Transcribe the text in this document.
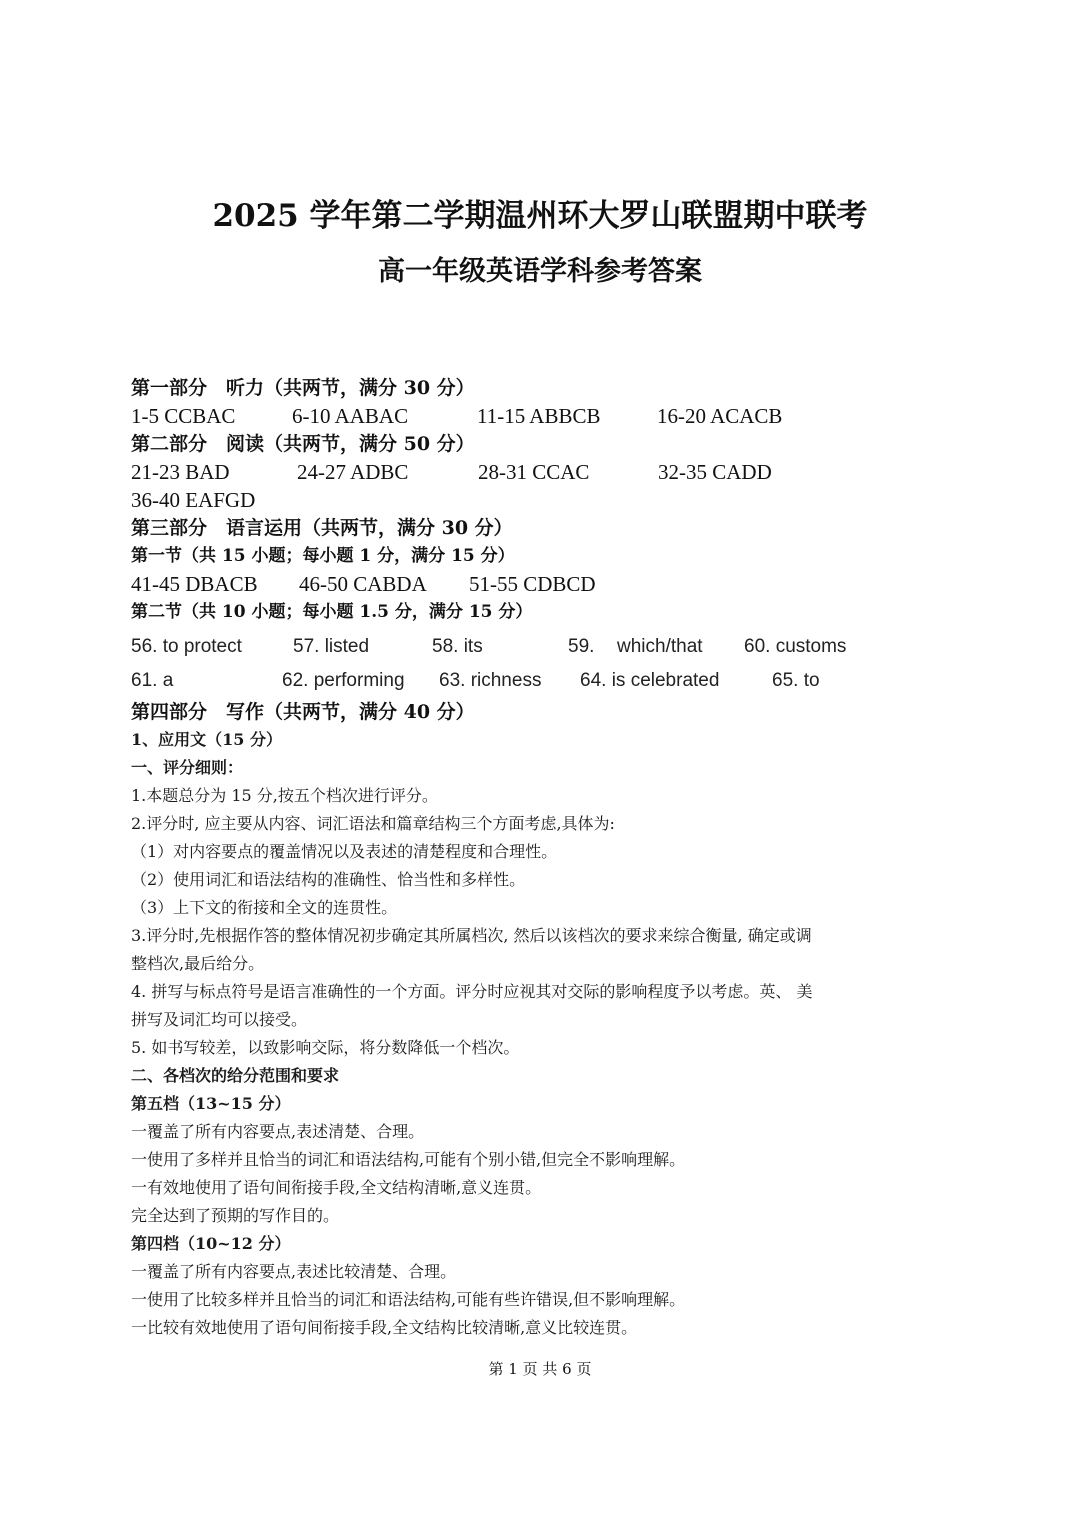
2025 学年第二学期温州环大罗山联盟期中联考
高一年级英语学科参考答案
第一部分　听力（共两节，满分 30 分）
1-5 CCBAC	6-10 AABAC	11-15 ABBCB	16-20 ACACB
第二部分　阅读（共两节，满分 50 分）
21-23 BAD	24-27 ADBC	28-31 CCAC	32-35 CADD
36-40 EAFGD
第三部分　语言运用（共两节，满分 30 分）
第一节（共 15 小题；每小题 1 分，满分 15 分）
41-45 DBACB 46-50 CABDA 51-55 CDBCD
第二节（共 10 小题；每小题 1.5 分，满分 15 分）
56. to protect	57. listed	58. its	59. which/that 60. customs
61. a	62. performing 63. richness 64. is celebrated	65. to
第四部分　写作（共两节，满分 40 分）
1、应用文（15 分）
一、评分细则：
1.本题总分为 15 分,按五个档次进行评分。
2.评分时, 应主要从内容、词汇语法和篇章结构三个方面考虑,具体为:
（1）对内容要点的覆盖情况以及表述的清楚程度和合理性。
（2）使用词汇和语法结构的准确性、恰当性和多样性。
（3）上下文的衔接和全文的连贯性。
3.评分时,先根据作答的整体情况初步确定其所属档次, 然后以该档次的要求来综合衡量, 确定或调
整档次,最后给分。
4. 拼写与标点符号是语言准确性的一个方面。评分时应视其对交际的影响程度予以考虑。英、 美
拼写及词汇均可以接受。
5. 如书写较差，以致影响交际，将分数降低一个档次。
二、各档次的给分范围和要求
第五档（13~15 分）
一覆盖了所有内容要点,表述清楚、合理。
一使用了多样并且恰当的词汇和语法结构,可能有个别小错,但完全不影响理解。
一有效地使用了语句间衔接手段,全文结构清晰,意义连贯。
完全达到了预期的写作目的。
第四档（10~12 分）
一覆盖了所有内容要点,表述比较清楚、合理。
一使用了比较多样并且恰当的词汇和语法结构,可能有些许错误,但不影响理解。
一比较有效地使用了语句间衔接手段,全文结构比较清晰,意义比较连贯。
第 1 页 共 6 页
